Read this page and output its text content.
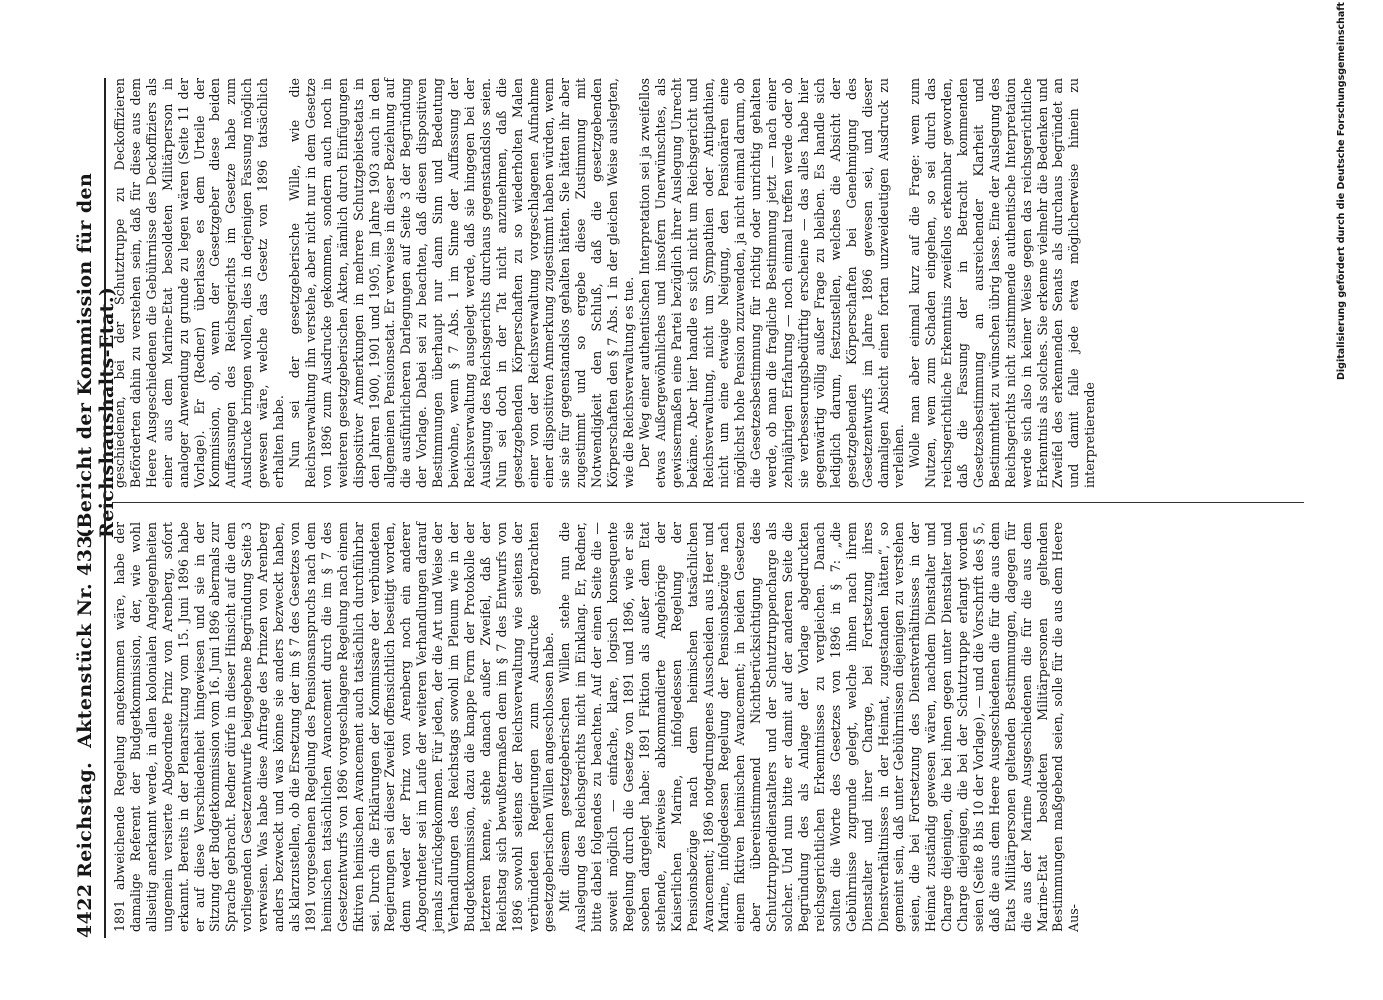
4422
Reichstag.
Aktenstück Nr. 433.
(Bericht der Kommission für den Reichshaushalts-Etat.)

1891 abweichende Regelung angekommen wäre, habe der damalige Referent der Budgetkommission, der, wie wohl allseitig anerkannt werde, in allen kolonialen Angelegenheiten ungemein versierte Abgeordnete Prinz von Arenberg, sofort erkannt. Bereits in der Plenarsitzung vom 15. Juni 1896 habe er auf diese Verschiedenheit hingewiesen und sie in der Sitzung der Budgetkommission vom 16. Juni 1896 abermals zur Sprache gebracht. Redner dürfe in dieser Hinsicht auf die dem vorliegenden Gesetzentwurfe beigegebene Begründung Seite 3 verweisen. Was habe diese Anfrage des Prinzen von Arenberg anders bezweckt und was könne sie anders bezweckt haben, als klarzustellen, ob die Ersetzung der im § 7 des Gesetzes von 1891 vorgesehenen Regelung des Pensionsanspruchs nach dem heimischen tatsächlichen Avancement durch die im § 7 des Gesetzentwurfs von 1896 vorgeschlagene Regelung nach einem fiktiven heimischen Avancement auch tatsächlich durchführbar sei. Durch die Erklärungen der Kommissare der verbündeten Regierungen sei dieser Zweifel offensichtlich beseitigt worden, denn weder der Prinz von Arenberg noch ein anderer Abgeordneter sei im Laufe der weiteren Verhandlungen darauf jemals zurückgekommen. Für jeden, der die Art und Weise der Verhandlungen des Reichstags sowohl im Plenum wie in der Budgetkommission, dazu die knappe Form der Protokolle der letzteren kenne, stehe danach außer Zweifel, daß der Reichstag sich bewußtermaßen dem im § 7 des Entwurfs von 1896 sowohl seitens der Reichsverwaltung wie seitens der verbündeten Regierungen zum Ausdrucke gebrachten gesetzgeberischen Willen angeschlossen habe. Mit diesem gesetzgeberischen Willen stehe nun die Auslegung des Reichsgerichts nicht im Einklang. Er, Redner, bitte dabei folgendes zu beachten. Auf der einen Seite die — soweit möglich — einfache, klare, logisch konsequente Regelung durch die Gesetze von 1891 und 1896, wie er sie soeben dargelegt habe: 1891 Fiktion als außer dem Etat stehende, zeitweise abkommandierte Angehörige der Kaiserlichen Marine, infolgedessen Regelung der Pensionsbezüge nach dem heimischen tatsächlichen Avancement; 1896 notgedrungenes Ausscheiden aus Heer und Marine, infolgedessen Regelung der Pensionsbezüge nach einem fiktiven heimischen Avancement; in beiden Gesetzen aber übereinstimmend Nichtberücksichtigung des Schutztruppendienstalters und der Schutztruppencharge als solcher. Und nun bitte er damit auf der anderen Seite die Begründung des als Anlage der Vorlage abgedruckten reichsgerichtlichen Erkenntnisses zu vergleichen. Danach sollten die Worte des Gesetzes von 1896 in § 7: „die Gebührnisse zugrunde gelegt, welche ihnen nach ihrem Dienstalter und ihrer Charge, bei Fortsetzung ihres Dienstverhältnisses in der Heimat, zugestanden hätten“, so gemeint sein, daß unter Gebührnissen diejenigen zu verstehen seien, die bei Fortsetzung des Dienstverhältnisses in der Heimat zuständig gewesen wären, nachdem Dienstalter und Charge diejenigen, die bei ihnen gegen unter Dienstalter und Charge diejenigen, die bei der Schutztruppe erlangt worden seien (Seite 8 bis 10 der Vorlage), — und die Vorschrift des § 5, daß die aus dem Heere Ausgeschiedenen die für die aus dem Etats Militärpersonen geltenden Bestimmungen, dagegen für die aus der Marine Ausgeschiedenen die für die aus dem Marine-Etat besoldeten Militärpersonen geltenden Bestimmungen maßgebend seien, solle für die aus dem Heere Aus-

geschiedenen, bei der Schutztruppe zu Deckoffizieren Beförderten dahin zu verstehen sein, daß für diese aus dem Heere Ausgeschiedenen die Gebührnisse des Deckoffiziers als einer aus dem Marine-Etat besoldeten Militärperson in analoger Anwendung zu grunde zu legen wären (Seite 11 der Vorlage). Er (Redner) überlasse es dem Urteile der Kommission, ob, wenn der Gesetzgeber diese beiden Auffassungen des Reichsgerichts im Gesetze habe zum Ausdrucke bringen wollen, dies in derjenigen Fassung möglich gewesen wäre, welche das Gesetz von 1896 tatsächlich erhalten habe. Nun sei der gesetzgeberische Wille, wie die Reichsverwaltung ihn verstehe, aber nicht nur in dem Gesetze von 1896 zum Ausdrucke gekommen, sondern auch noch in weiteren gesetzgeberischen Akten, nämlich durch Einfügungen dispositiver Anmerkungen in mehrere Schutzgebietsetats in den Jahren 1900, 1901 und 1905, im Jahre 1903 auch in den allgemeinen Pensionsetat. Er verweise in dieser Beziehung auf die ausführlicheren Darlegungen auf Seite 3 der Begründung der Vorlage. Dabei sei zu beachten, daß diesen dispositiven Bestimmungen überhaupt nur dann Sinn und Bedeutung beiwohne, wenn § 7 Abs. 1 im Sinne der Auffassung der Reichsverwaltung ausgelegt werde, daß sie hingegen bei der Auslegung des Reichsgerichts durchaus gegenstandslos seien. Nun sei doch in der Tat nicht anzunehmen, daß die gesetzgebenden Körperschaften zu so wiederholten Malen einer von der Reichsverwaltung vorgeschlagenen Aufnahme einer dispositiven Anmerkung zugestimmt haben würden, wenn sie sie für gegenstandslos gehalten hätten. Sie hätten ihr aber zugestimmt und so ergebe diese Zustimmung mit Notwendigkeit den Schluß, daß die gesetzgebenden Körperschaften den § 7 Abs. 1 in der gleichen Weise auslegten, wie die Reichsverwaltung es tue. Der Weg einer authentischen Interpretation sei ja zweifellos etwas Außergewöhnliches und insofern Unerwünschtes, als gewissermaßen eine Partei bezüglich ihrer Auslegung Unrecht bekäme. Aber hier handle es sich nicht um Reichsgericht und Reichsverwaltung, nicht um Sympathien oder Antipathien, nicht um eine etwaige Neigung, den Pensionären eine möglichst hohe Pension zuzuwenden, ja nicht einmal darum, ob die Gesetzesbestimmung für richtig oder unrichtig gehalten werde, ob man die fragliche Bestimmung jetzt — nach einer zehnjährigen Erfahrung — noch einmal treffen werde oder ob sie verbesserungsbedürftig erscheine — das alles habe hier gegenwärtig völlig außer Frage zu bleiben. Es handle sich lediglich darum, festzustellen, welches die Absicht der gesetzgebenden Körperschaften bei Genehmigung des Gesetzentwurfs im Jahre 1896 gewesen sei, und dieser damaligen Absicht einen fortan unzweideutigen Ausdruck zu verleihen. Wolle man aber einmal kurz auf die Frage: wem zum Nutzen, wem zum Schaden eingehen, so sei durch das reichsgerichtliche Erkenntnis zweifellos erkennbar geworden, daß die Fassung der in Betracht kommenden Gesetzesbestimmung an ausreichender Klarheit und Bestimmtheit zu wünschen übrig lasse. Eine der Auslegung des Reichsgerichts nicht zustimmende authentische Interpretation werde sich also in keiner Weise gegen das reichsgerichtliche Erkenntnis als solches. Sie erkenne vielmehr die Bedenken und Zweifel des erkennenden Senats als durchaus begründet an und damit falle jede etwa möglicherweise hinein zu interpretierende

Digitalisierung gefördert durch die Deutsche Forschungsgemeinschaft
